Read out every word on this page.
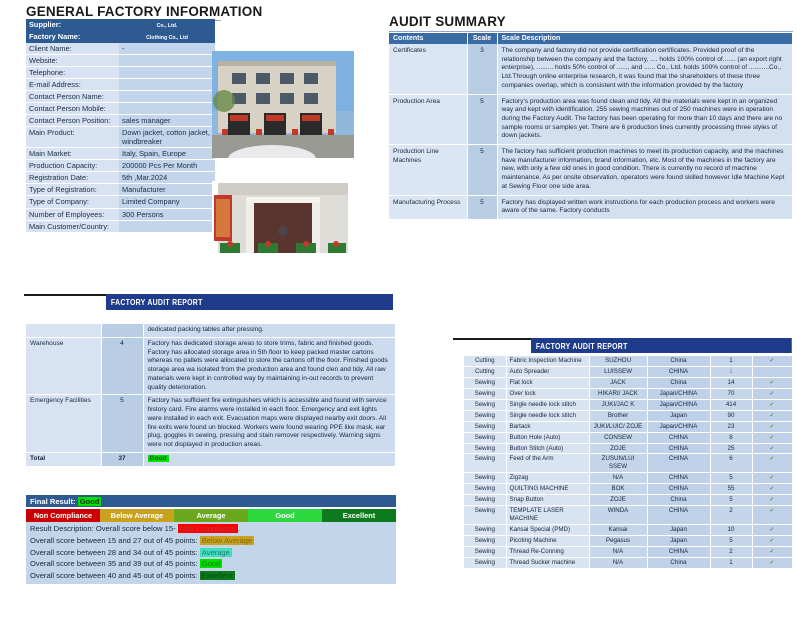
GENERAL FACTORY INFORMATION
Supplier:	Co., Ltd.
Factory Name:	Clothing Co., Ltd
Client Name:	-
Website:	
Telephone:	
E-mail Address:	
Contact Person Name:	
Contact Person Mobile:	
Contact Person Position:	sales manager
Main Product:	Down jacket, cotton jacket, windbreaker
Main Market:	Italy, Spain, Europe
Production Capacity:	200000 Pcs Per Month
Registration Date:	5th ,Mar.2024
Type of Registration:	Manufacturer
Type of Company:	Limited Company
Number of Employees:	300 Persons
Main Customer/Country:	
AUDIT SUMMARY
Contents	Scale	Scale Description
Certificates	3	The company and factory did not provide certification certificates. Provided proof of the relationship between the company and the factory, .... holds 100% control of....... (an export right enterprise), ......... holds 50% control of ......, and ...... Co., Ltd. holds 100% control of ...........Co., Ltd.Through online enterprise research, it was found that the shareholders of these three companies overlap, which is consistent with the information provided by the factory
Production Area	5	Factory's production area was found clean and tidy. All the materials were kept in an organized way and kept with identification. 255 sewing machines out of 250 machines were in operation during the Factory Audit. The factory has been operating for more than 10 days and there are no sample rooms or samples yet. There are 6 production lines currently processing three styles of down jackets.
Production Line Machines	5	The factory has sufficient production machines to meet its production capacity, and the machines have manufacturer information, brand information, etc. Most of the machines in the factory are new, with only a few old ones in good condition. There is currently no record of machine maintenance. As per onsite observation, operators were found skilled however Idle Machine Kept at Sewing Floor one side area.
Manufacturing Process	5	Factory has displayed written work instructions for each production process and workers were aware of the same. Factory conducts
FACTORY AUDIT REPORT
		dedicated packing tables after pressing.
Warehouse	4	Factory has dedicated storage areas to store trims, fabric and finished goods. Factory has allocated storage area in 5th floor to keep packed master cartons whereas no pallets were allocated to store the cartons off the floor. Finished goods storage area wa isolated from the production area and found clen and tidy. All raw materials were kept in controlled way by maintaining in-out records to prevent quality deterioration.
Emergency Facilities	5	Factory has sufficient fire extinguishers which is accessible and found with service history card. Fire alarms were installed in each floor. Emergency and exit lights were installed in each exit. Evacuation maps were displayed nearby exit doors. All fire exits were found un blocked. Workers were found wearing PPE like mask, ear plug, goggles in sewing, pressing and stain remover respectively. Warning signs were not displayed in production areas.
Total	37	Good
Final Result: Good
Non Compliance	Below Average	Average	Good	Excellent
Result Description: Overall score below 15- Non Compliance .
Overall score between 15 and 27 out of 45 points: Below Average
Overall score between 28 and 34 out of 45 points: Average
Overall score between 35 and 39 out of 45 points: Good
Overall score between 40 and 45 out of 45 points: Excellent
FACTORY AUDIT REPORT
Cutting	Fabric Inspection Machine	SUZHOU	China	1	✓
Cutting	Auto Spreader	LUISSEW	CHINA	1	
Sewing	Flat lock	JACK	China	14	✓
Sewing	Over lock	HIKARI/ JACK	Japan/CHINA	70	✓
Sewing	Single needle lock stitch	JUKI/JAC K	Japan/CHINA	414	✓
Sewing	Single needle lock stitch	Brother	Japan	90	✓
Sewing	Bartack	JUKI/LUIC/ ZOJE	Japan/CHINA	23	✓
Sewing	Button Hole (Auto)	CONSEW	CHINA	8	✓
Sewing	Button Stitch (Auto)	ZOJE	CHINA	25	✓
Sewing	Feed of the Arm	ZUSUN/LUI SSEW	CHINA	6	✓
Sewing	Zigzag	N/A	CHINA	5	✓
Sewing	QUILTING MACHINE	BOK	CHINA	55	✓
Sewing	Snap Button	ZOJE	China	5	✓
Sewing	TEMPLATE LASER MACHINE	WINDA	CHINA	2	✓
Sewing	Kansai Special (PMD)	Kansai	Japan	10	✓
Sewing	Picoting Machine	Pegasus	Japan	5	✓
Sewing	Thread Re-Conning	N/A	CHINA	2	✓
Sewing	Thread Sucker machine	N/A	China	1	✓
